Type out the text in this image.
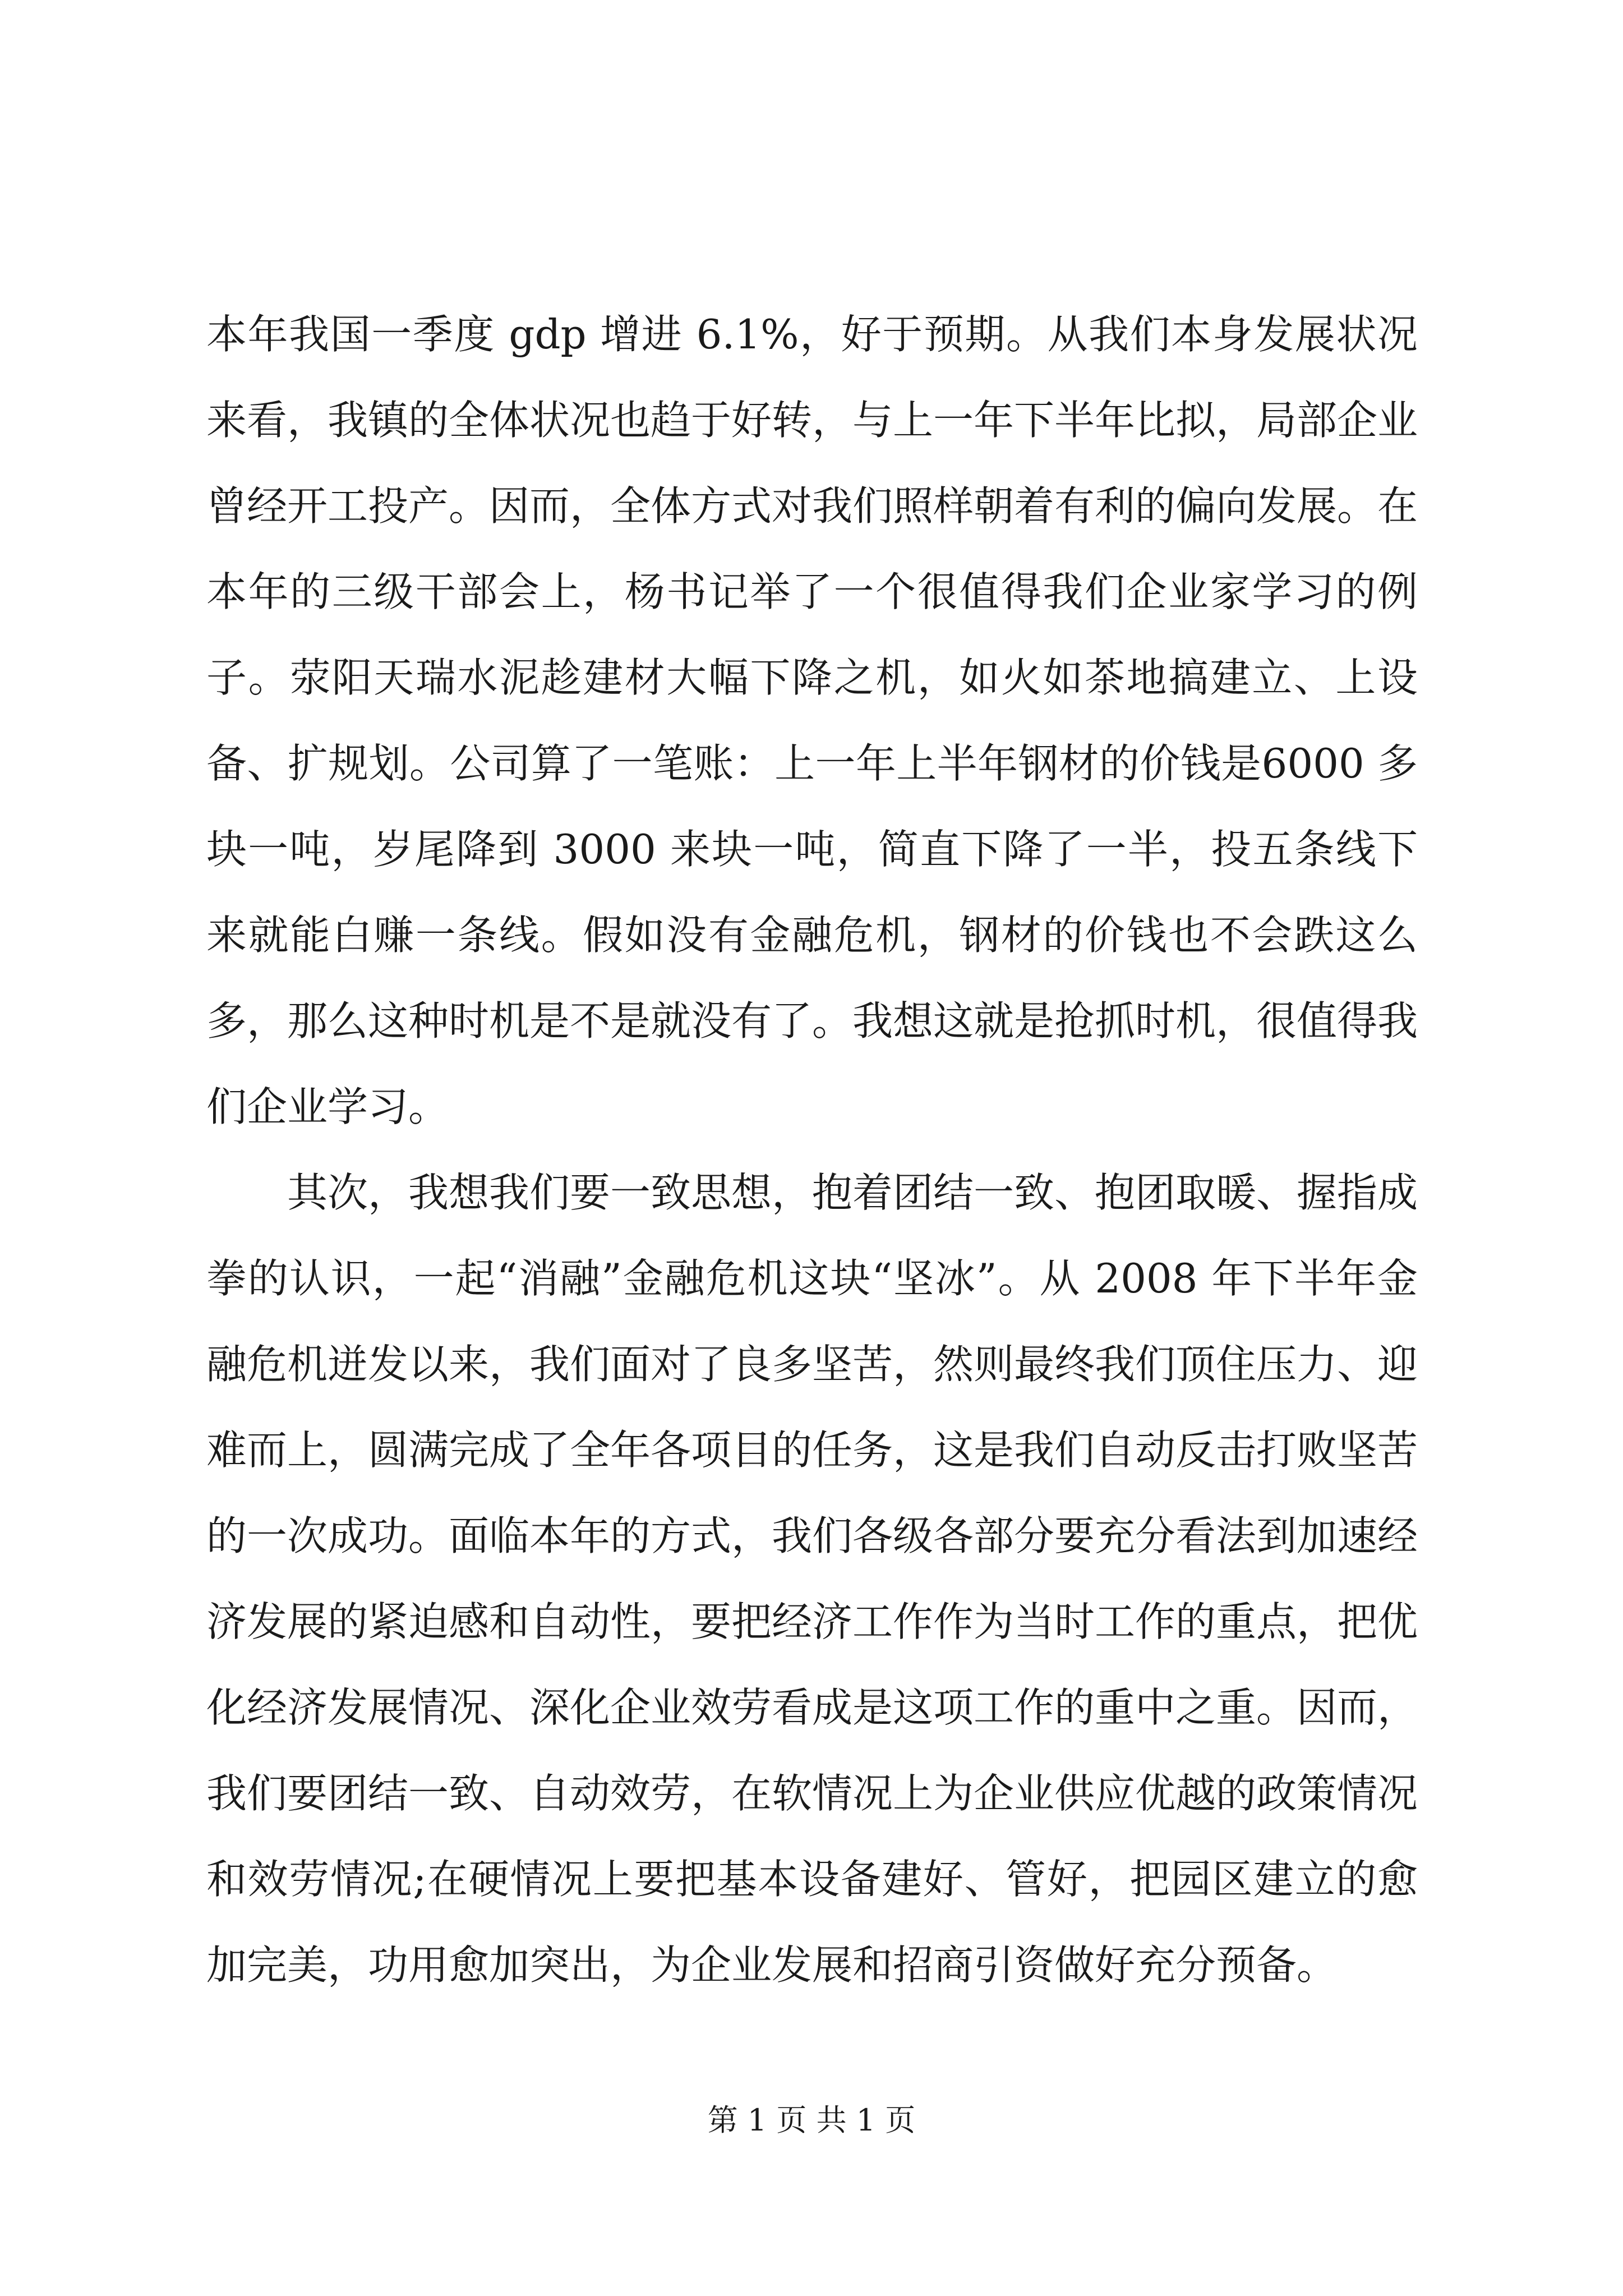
本年我国一季度 gdp 增进 6.1%，好于预期。从我们本身发展状况来看，我镇的全体状况也趋于好转，与上一年下半年比拟，局部企业曾经开工投产。因而，全体方式对我们照样朝着有利的偏向发展。在本年的三级干部会上，杨书记举了一个很值得我们企业家学习的例子。荥阳天瑞水泥趁建材大幅下降之机，如火如茶地搞建立、上设备、扩规划。公司算了一笔账：上一年上半年钢材的价钱是6000 多块一吨，岁尾降到 3000 来块一吨，简直下降了一半，投五条线下来就能白赚一条线。假如没有金融危机，钢材的价钱也不会跌这么多，那么这种时机是不是就没有了。我想这就是抢抓时机，很值得我们企业学习。

其次，我想我们要一致思想，抱着团结一致、抱团取暖、握指成拳的认识，一起“消融”金融危机这块“坚冰”。从 2008 年下半年金融危机迸发以来，我们面对了良多坚苦，然则最终我们顶住压力、迎难而上，圆满完成了全年各项目的任务，这是我们自动反击打败坚苦的一次成功。面临本年的方式，我们各级各部分要充分看法到加速经济发展的紧迫感和自动性，要把经济工作作为当时工作的重点，把优化经济发展情况、深化企业效劳看成是这项工作的重中之重。因而，我们要团结一致、自动效劳，在软情况上为企业供应优越的政策情况和效劳情况;在硬情况上要把基本设备建好、管好，把园区建立的愈加完美，功用愈加突出，为企业发展和招商引资做好充分预备。

第 1 页 共 1 页
